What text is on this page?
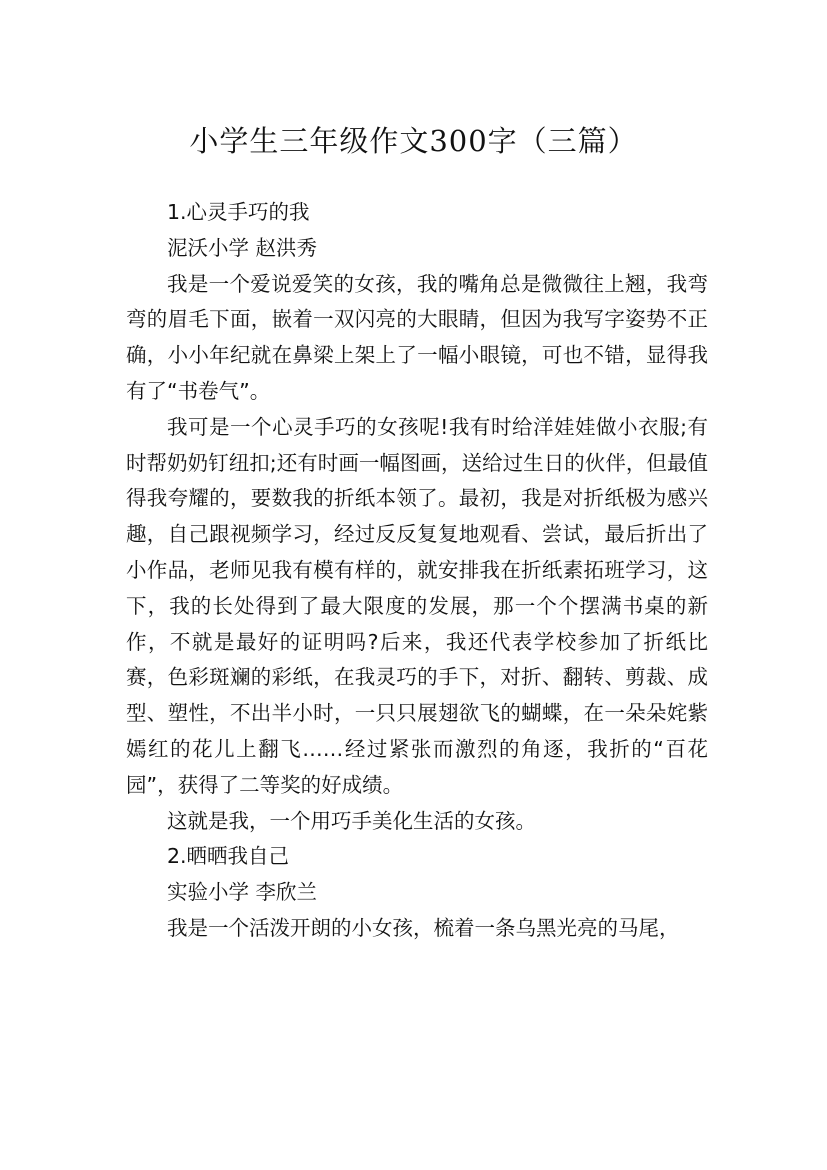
小学生三年级作文300字（三篇）

1.心灵手巧的我

泥沃小学 赵洪秀

我是一个爱说爱笑的女孩，我的嘴角总是微微往上翘，我弯弯的眉毛下面，嵌着一双闪亮的大眼睛，但因为我写字姿势不正确，小小年纪就在鼻梁上架上了一幅小眼镜，可也不错，显得我有了“书卷气”。

我可是一个心灵手巧的女孩呢!我有时给洋娃娃做小衣服;有时帮奶奶钉纽扣;还有时画一幅图画，送给过生日的伙伴，但最值得我夸耀的，要数我的折纸本领了。最初，我是对折纸极为感兴趣，自己跟视频学习，经过反反复复地观看、尝试，最后折出了小作品，老师见我有模有样的，就安排我在折纸素拓班学习，这下，我的长处得到了最大限度的发展，那一个个摆满书桌的新作，不就是最好的证明吗?后来，我还代表学校参加了折纸比赛，色彩斑斓的彩纸，在我灵巧的手下，对折、翻转、剪裁、成型、塑性，不出半小时，一只只展翅欲飞的蝴蝶，在一朵朵姹紫嫣红的花儿上翻飞……经过紧张而激烈的角逐，我折的“百花园”，获得了二等奖的好成绩。

这就是我，一个用巧手美化生活的女孩。

2.晒晒我自己

实验小学 李欣兰

我是一个活泼开朗的小女孩，梳着一条乌黑光亮的马尾，
